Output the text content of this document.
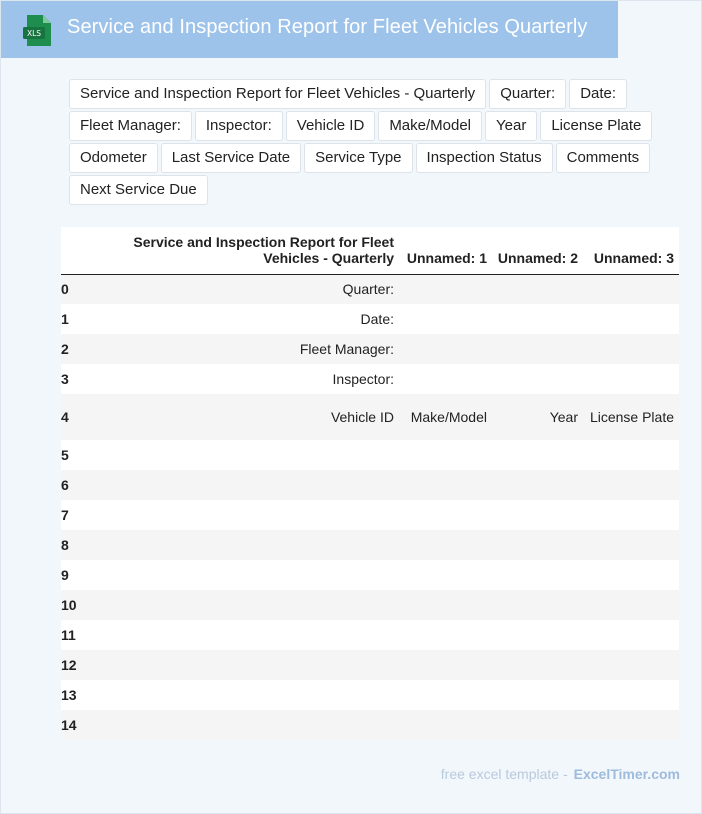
XLS Service and Inspection Report for Fleet Vehicles Quarterly
Service and Inspection Report for Fleet Vehicles - Quarterly	Quarter:	Date:
Fleet Manager:	Inspector:	Vehicle ID	Make/Model	Year	License Plate
Odometer	Last Service Date	Service Type	Inspection Status	Comments
Next Service Due
	Service and Inspection Report for Fleet Vehicles - Quarterly	Unnamed: 1	Unnamed: 2	Unnamed: 3
0	Quarter:			
1	Date:			
2	Fleet Manager:			
3	Inspector:			
4	Vehicle ID	Make/Model	Year	License Plate
5				
6				
7				
8				
9				
10				
11				
12				
13				
14				
free excel template - ExcelTimer.com
